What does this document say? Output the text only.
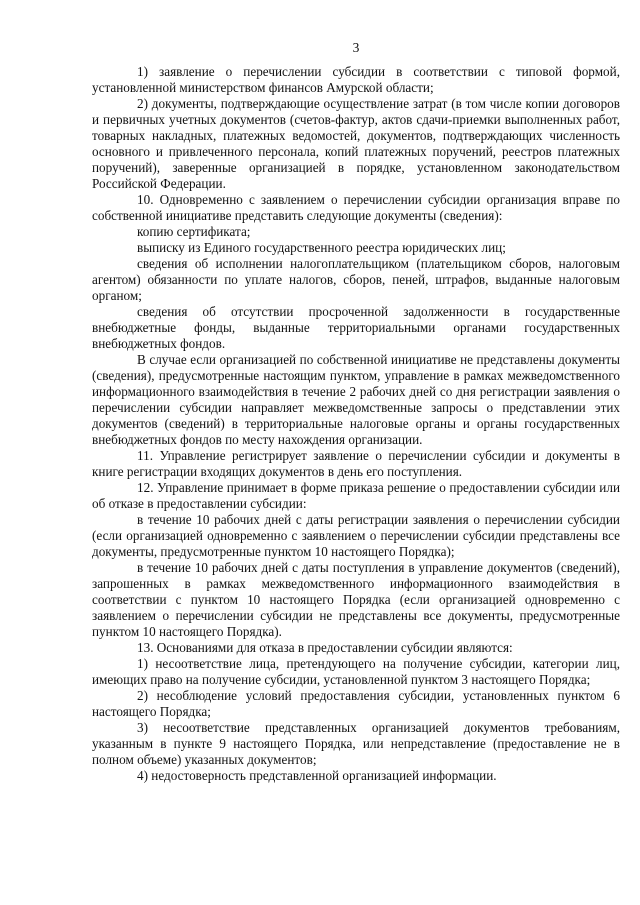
3

1) заявление о перечислении субсидии в соответствии с типовой формой, установленной министерством финансов Амурской области;

2) документы, подтверждающие осуществление затрат (в том числе копии договоров и первичных учетных документов (счетов-фактур, актов сдачи-приемки выполненных работ, товарных накладных, платежных ведомостей, документов, подтверждающих численность основного и привлеченного персонала, копий платежных поручений, реестров платежных поручений), заверенные организацией в порядке, установленном законодательством Российской Федерации.

10. Одновременно с заявлением о перечислении субсидии организация вправе по собственной инициативе представить следующие документы (сведения):

копию сертификата;

выписку из Единого государственного реестра юридических лиц;

сведения об исполнении налогоплательщиком (плательщиком сборов, налоговым агентом) обязанности по уплате налогов, сборов, пеней, штрафов, выданные налоговым органом;

сведения об отсутствии просроченной задолженности в государственные внебюджетные фонды, выданные территориальными органами государственных внебюджетных фондов.

В случае если организацией по собственной инициативе не представлены документы (сведения), предусмотренные настоящим пунктом, управление в рамках межведомственного информационного взаимодействия в течение 2 рабочих дней со дня регистрации заявления о перечислении субсидии направляет межведомственные запросы о представлении этих документов (сведений) в территориальные налоговые органы и органы государственных внебюджетных фондов по месту нахождения организации.

11. Управление регистрирует заявление о перечислении субсидии и документы в книге регистрации входящих документов в день его поступления.

12. Управление принимает в форме приказа решение о предоставлении субсидии или об отказе в предоставлении субсидии:

в течение 10 рабочих дней с даты регистрации заявления о перечислении субсидии (если организацией одновременно с заявлением о перечислении субсидии представлены все документы, предусмотренные пунктом 10 настоящего Порядка);

в течение 10 рабочих дней с даты поступления в управление документов (сведений), запрошенных в рамках межведомственного информационного взаимодействия в соответствии с пунктом 10 настоящего Порядка (если организацией одновременно с заявлением о перечислении субсидии не представлены все документы, предусмотренные пунктом 10 настоящего Порядка).

13. Основаниями для отказа в предоставлении субсидии являются:

1) несоответствие лица, претендующего на получение субсидии, категории лиц, имеющих право на получение субсидии, установленной пунктом 3 настоящего Порядка;

2) несоблюдение условий предоставления субсидии, установленных пунктом 6 настоящего Порядка;

3) несоответствие представленных организацией документов требованиям, указанным в пункте 9 настоящего Порядка, или непредставление (предоставление не в полном объеме) указанных документов;

4) недостоверность представленной организацией информации.
